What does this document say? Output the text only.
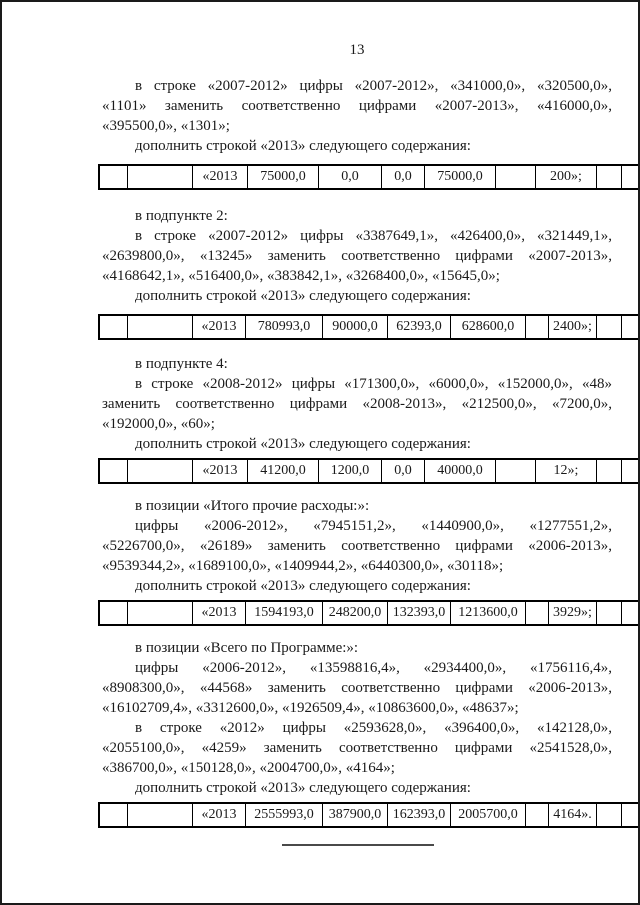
13
в строке «2007-2012» цифры «2007-2012», «341000,0», «320500,0»,
«1101» заменить соответственно цифрами «2007-2013», «416000,0»,
«395500,0», «1301»;
дополнить строкой «2013» следующего содержания:
		«2013	75000,0	0,0	0,0	75000,0		200»;		
в подпункте 2:
в строке «2007-2012» цифры «3387649,1», «426400,0», «321449,1»,
«2639800,0», «13245» заменить соответственно цифрами «2007-2013»,
«4168642,1», «516400,0», «383842,1», «3268400,0», «15645,0»;
дополнить строкой «2013» следующего содержания:
		«2013	780993,0	90000,0	62393,0	628600,0		2400»;		
в подпункте 4:
в строке «2008-2012» цифры «171300,0», «6000,0», «152000,0», «48»
заменить соответственно цифрами «2008-2013», «212500,0», «7200,0»,
«192000,0», «60»;
дополнить строкой «2013» следующего содержания:
		«2013	41200,0	1200,0	0,0	40000,0		12»;		
в позиции «Итого прочие расходы:»:
цифры «2006-2012», «7945151,2», «1440900,0», «1277551,2»,
«5226700,0», «26189» заменить соответственно цифрами «2006-2013»,
«9539344,2», «1689100,0», «1409944,2», «6440300,0», «30118»;
дополнить строкой «2013» следующего содержания:
		«2013	1594193,0	248200,0	132393,0	1213600,0		3929»;		
в позиции «Всего по Программе:»:
цифры «2006-2012», «13598816,4», «2934400,0», «1756116,4»,
«8908300,0», «44568» заменить соответственно цифрами «2006-2013»,
«16102709,4», «3312600,0», «1926509,4», «10863600,0», «48637»;
в строке «2012» цифры «2593628,0», «396400,0», «142128,0»,
«2055100,0», «4259» заменить соответственно цифрами «2541528,0»,
«386700,0», «150128,0», «2004700,0», «4164»;
дополнить строкой «2013» следующего содержания:
		«2013	2555993,0	387900,0	162393,0	2005700,0		4164».		
